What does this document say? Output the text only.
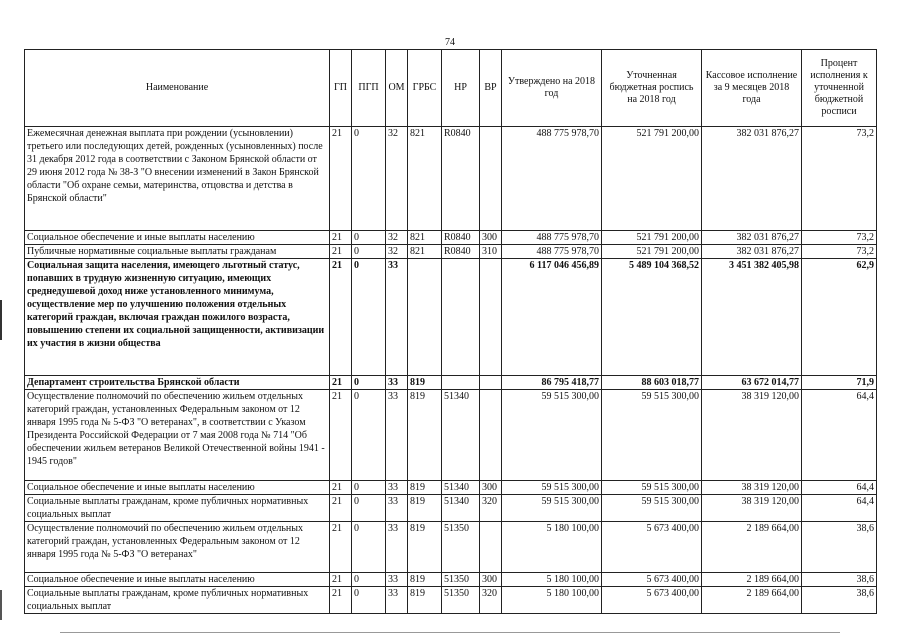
74
Наименование	ГП	ПГП	ОМ	ГРБС	НР	ВР	Утверждено на 2018 год	Уточненная бюджетная роспись на 2018 год	Кассовое исполнение за 9 месяцев 2018 года	Процент исполнения к уточненной бюджетной росписи
Ежемесячная денежная выплата при рождении (усыновлении) третьего или последующих детей, рожденных (усыновленных) после 31 декабря 2012 года в соответствии с Законом Брянской области от 29 июня 2012 года № 38-З "О внесении изменений в Закон Брянской области "Об охране семьи, материнства, отцовства и детства в Брянской области"	21	0	32	821	R0840		488 775 978,70	521 791 200,00	382 031 876,27	73,2
Социальное обеспечение и иные выплаты населению	21	0	32	821	R0840	300	488 775 978,70	521 791 200,00	382 031 876,27	73,2
Публичные нормативные социальные выплаты гражданам	21	0	32	821	R0840	310	488 775 978,70	521 791 200,00	382 031 876,27	73,2
Социальная защита населения, имеющего льготный статус, попавших в трудную жизненную ситуацию, имеющих среднедушевой доход ниже установленного минимума, осуществление мер по улучшению положения отдельных категорий граждан, включая граждан пожилого возраста, повышению степени их социальной защищенности, активизации их участия в жизни общества	21	0	33				6 117 046 456,89	5 489 104 368,52	3 451 382 405,98	62,9
Департамент строительства Брянской области	21	0	33	819			86 795 418,77	88 603 018,77	63 672 014,77	71,9
Осуществление полномочий по обеспечению жильем отдельных категорий граждан, установленных Федеральным законом от 12 января 1995 года № 5-ФЗ "О ветеранах", в соответствии с Указом Президента Российской Федерации от 7 мая 2008 года № 714 "Об обеспечении жильем ветеранов Великой Отечественной войны 1941 - 1945 годов"	21	0	33	819	51340		59 515 300,00	59 515 300,00	38 319 120,00	64,4
Социальное обеспечение и иные выплаты населению	21	0	33	819	51340	300	59 515 300,00	59 515 300,00	38 319 120,00	64,4
Социальные выплаты гражданам, кроме публичных нормативных социальных выплат	21	0	33	819	51340	320	59 515 300,00	59 515 300,00	38 319 120,00	64,4
Осуществление полномочий по обеспечению жильем отдельных категорий граждан, установленных Федеральным законом от 12 января 1995 года № 5-ФЗ "О ветеранах"	21	0	33	819	51350		5 180 100,00	5 673 400,00	2 189 664,00	38,6
Социальное обеспечение и иные выплаты населению	21	0	33	819	51350	300	5 180 100,00	5 673 400,00	2 189 664,00	38,6
Социальные выплаты гражданам, кроме публичных нормативных социальных выплат	21	0	33	819	51350	320	5 180 100,00	5 673 400,00	2 189 664,00	38,6
